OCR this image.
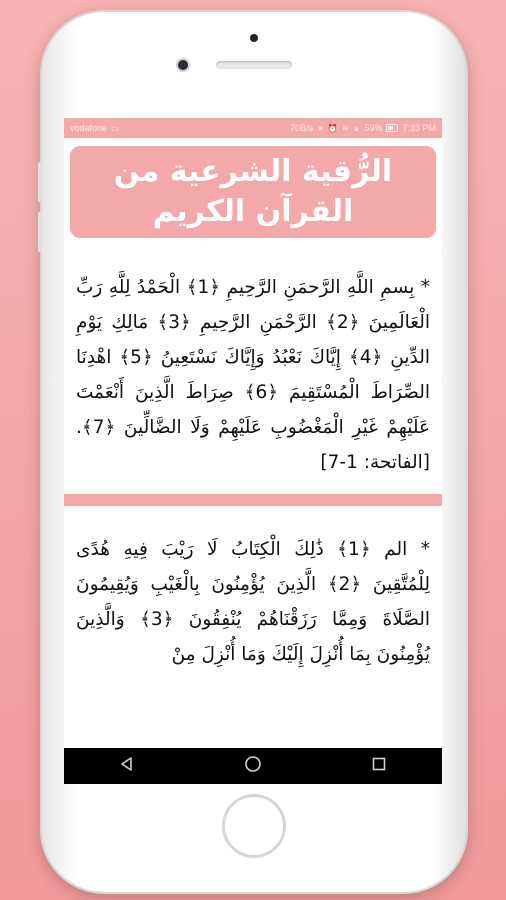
vodafone ▭	70B/s ✕ ⏰ ≋ ▲ 59% 7:33 PM
الرُّقية الشرعية من
القرآن الكريم
* بِسمِ اللَّهِ الرَّحمَنِ الرَّحِيمِ ﴿1﴾ الْحَمْدُ لِلَّهِ رَبِّ الْعَالَمِينَ ﴿2﴾ الرَّحْمَنِ الرَّحِيمِ ﴿3﴾ مَالِكِ يَوْمِ الدِّينِ ﴿4﴾ إِيَّاكَ نَعْبُدُ وَإِيَّاكَ نَسْتَعِينُ ﴿5﴾ اهْدِنَا الصِّرَاطَ الْمُسْتَقِيمَ ﴿6﴾ صِرَاطَ الَّذِينَ أَنْعَمْتَ عَلَيْهِمْ غَيْرِ الْمَغْضُوبِ عَلَيْهِمْ وَلَا الضَّالِّينَ ﴿7﴾. [الفاتحة: 1-7]
* الم ﴿1﴾ ذَٰلِكَ الْكِتَابُ لَا رَيْبَ فِيهِ هُدًى لِلْمُتَّقِينَ ﴿2﴾ الَّذِينَ يُؤْمِنُونَ بِالْغَيْبِ وَيُقِيمُونَ الصَّلَاةَ وَمِمَّا رَزَقْنَاهُمْ يُنْفِقُونَ ﴿3﴾ وَالَّذِينَ يُؤْمِنُونَ بِمَا أُنْزِلَ إِلَيْكَ وَمَا أُنْزِلَ مِنْ
